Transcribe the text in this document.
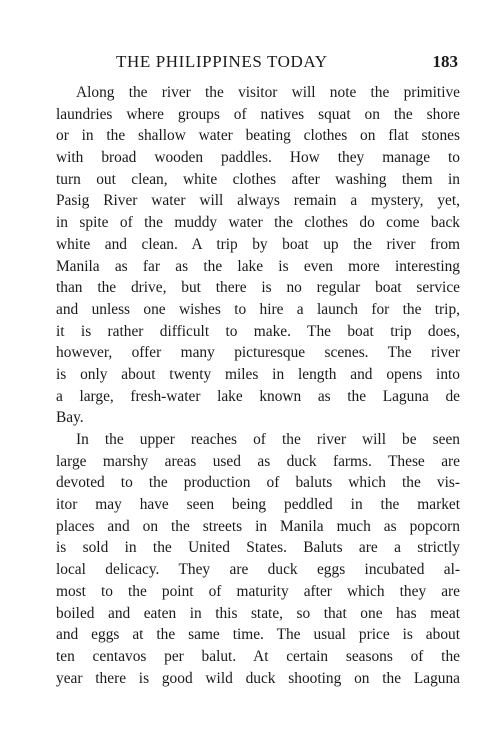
THE PHILIPPINES TODAY	183
Along the river the visitor will note the primitive
laundries where groups of natives squat on the shore
or in the shallow water beating clothes on flat stones
with broad wooden paddles. How they manage to
turn out clean, white clothes after washing them in
Pasig River water will always remain a mystery, yet,
in spite of the muddy water the clothes do come back
white and clean. A trip by boat up the river from
Manila as far as the lake is even more interesting
than the drive, but there is no regular boat service
and unless one wishes to hire a launch for the trip,
it is rather difficult to make. The boat trip does,
however, offer many picturesque scenes. The river
is only about twenty miles in length and opens into
a large, fresh-water lake known as the Laguna de
Bay.
In the upper reaches of the river will be seen
large marshy areas used as duck farms. These are
devoted to the production of baluts which the vis-
itor may have seen being peddled in the market
places and on the streets in Manila much as popcorn
is sold in the United States. Baluts are a strictly
local delicacy. They are duck eggs incubated al-
most to the point of maturity after which they are
boiled and eaten in this state, so that one has meat
and eggs at the same time. The usual price is about
ten centavos per balut. At certain seasons of the
year there is good wild duck shooting on the Laguna
